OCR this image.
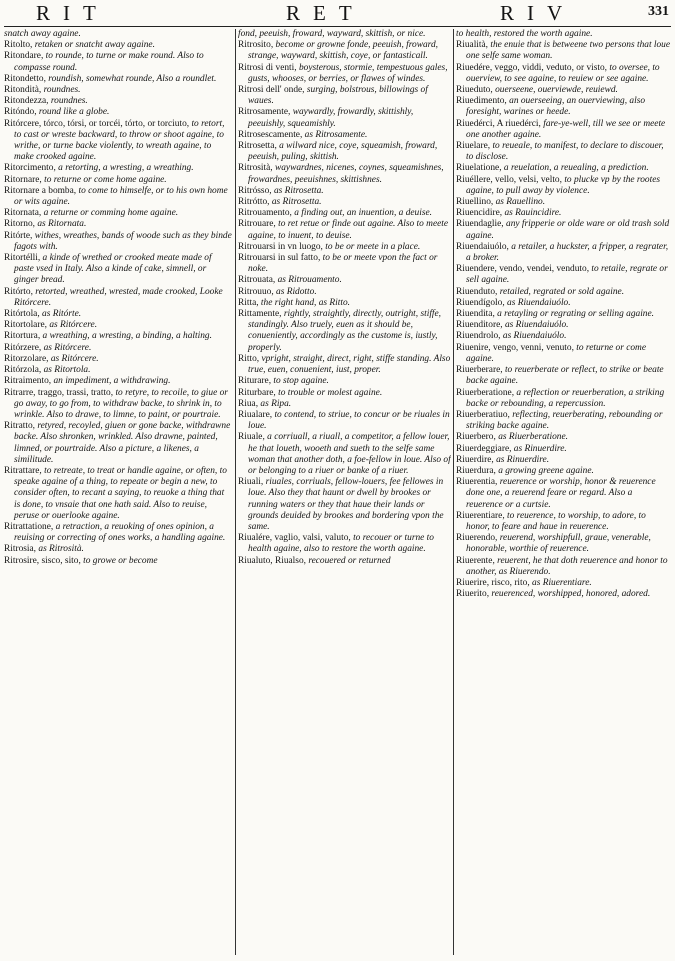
RIT	RET	RIV	331

snatch away againe.

Ritolto, retaken or snatcht away againe.

Ritondare, to rounde, to turne or make round. Also to compasse round.

Ritondetto, roundish, somewhat rounde, Also a roundlet.

Ritondità, roundnes.

Ritondezza, roundnes.

Ritóndo, round like a globe.

Ritórcere, tórco, tórsi, or torcéi, tórto, or torciuto, to retort, to cast or wreste backward, to throw or shoot againe, to writhe, or turne backe violently, to wreath againe, to make crooked againe.

Ritorcimento, a retorting, a wresting, a wreathing.

Ritornare, to returne or come home againe.

Ritornare a bomba, to come to himselfe, or to his own home or wits againe.

Ritornata, a returne or comming home againe.

Ritorno, as Ritornata.

Ritórte, withes, wreathes, bands of woode such as they binde fagots with.

Ritortélli, a kinde of wrethed or crooked meate made of paste vsed in Italy. Also a kinde of cake, simnell, or ginger bread.

Ritórto, retorted, wreathed, wrested, made crooked, Looke Ritórcere.

Ritórtola, as Ritórte.

Ritortolare, as Ritórcere.

Ritortura, a wreathing, a wresting, a binding, a halting.

Ritórzere, as Ritórcere.

Ritorzolare, as Ritórcere.

Ritórzola, as Ritortola.

Ritraimento, an impediment, a withdrawing.

Ritrarre, traggo, trassi, tratto, to retyre, to recoile, to giue or go away, to go from, to withdraw backe, to shrink in, to wrinkle. Also to drawe, to limne, to paint, or pourtraie.

Ritratto, retyred, recoyled, giuen or gone backe, withdrawne backe. Also shronken, wrinkled. Also drawne, painted, limned, or pourtraide. Also a picture, a likenes, a similitude.

Ritrattare, to retreate, to treat or handle againe, or often, to speake againe of a thing, to repeate or begin a new, to consider often, to recant a saying, to reuoke a thing that is done, to vnsaie that one hath said. Also to reuise, peruse or ouerlooke againe.

Ritrattatione, a retraction, a reuoking of ones opinion, a reuising or correcting of ones works, a handling againe.

Ritrosia, as Ritrosità.

Ritrosire, sisco, sito, to growe or become

fond, peeuish, froward, wayward, skittish, or nice.

Ritrosito, become or growne fonde, peeuish, froward, strange, wayward, skittish, coye, or fantasticall.

Ritrosi di venti, boysterous, stormie, tempestuous gales, gusts, whooses, or berries, or flawes of windes.

Ritrosi dell' onde, surging, bolstrous, billowings of waues.

Ritrosamente, waywardly, frowardly, skittishly, peeuishly, squeamishly.

Ritrosescamente, as Ritrosamente.

Ritrosetta, a wilward nice, coye, squeamish, froward, peeuish, puling, skittish.

Ritrosità, waywardnes, nicenes, coynes, squeamishnes, frowardnes, peeuishnes, skittishnes.

Ritrósso, as Ritrosetta.

Ritrótto, as Ritrosetta.

Ritrouamento, a finding out, an inuention, a deuise.

Ritrouare, to ret retue or finde out againe. Also to meete againe, to inuent, to deuise.

Ritrouarsi in vn luogo, to be or meete in a place.

Ritrouarsi in sul fatto, to be or meete vpon the fact or noke.

Ritrouata, as Ritrouamento.

Ritrouuo, as Ridotto.

Ritta, the right hand, as Ritto.

Rittamente, rightly, straightly, directly, outright, stiffe, standingly. Also truely, euen as it should be, conueniently, accordingly as the custome is, iustly, properly.

Ritto, vpright, straight, direct, right, stiffe standing. Also true, euen, conuenient, iust, proper.

Riturare, to stop againe.

Riturbare, to trouble or molest againe.

Riua, as Ripa.

Riualare, to contend, to striue, to concur or be riuales in loue.

Riuale, a corriuall, a riuall, a competitor, a fellow louer, he that loueth, wooeth and sueth to the selfe same woman that another doth, a foe-fellow in loue. Also of or belonging to a riuer or banke of a riuer.

Riuali, riuales, corriuals, fellow-louers, fee fellowes in loue. Also they that haunt or dwell by brookes or running waters or they that haue their lands or grounds deuided by brookes and bordering vpon the same.

Riualére, vaglio, valsi, valuto, to recouer or turne to health againe, also to restore the worth againe.

Riualuto, Riualso, recouered or returned

to health, restored the worth againe.

Riualità, the enuie that is betweene two persons that loue one selfe same woman.

Riuedére, veggo, viddi, veduto, or visto, to oversee, to ouerview, to see againe, to reuiew or see againe.

Riueduto, ouerseene, ouerviewde, reuiewd.

Riuedimento, an ouerseeing, an ouerviewing, also foresight, warines or heede.

Riuedérci, A riuedérci, fare-ye-well, till we see or meete one another againe.

Riuelare, to reueale, to manifest, to declare to discouer, to disclose.

Riuelatione, a reuelation, a reuealing, a prediction.

Riuéllere, vello, velsi, velto, to plucke vp by the rootes againe, to pull away by violence.

Riuellino, as Rauellino.

Riuencidire, as Rauincidire.

Riuendaglie, any fripperie or olde ware or old trash sold againe.

Riuendaiuólo, a retailer, a huckster, a fripper, a regrater, a broker.

Riuendere, vendo, vendei, venduto, to retaile, regrate or sell againe.

Riuenduto, retailed, regrated or sold againe.

Riuendígolo, as Riuendaiuólo.

Riuendita, a retayling or regrating or selling againe.

Riuenditore, as Riuendaiuólo.

Riuendrolo, as Riuendaiuólo.

Riuenire, vengo, venni, venuto, to returne or come againe.

Riuerberare, to reuerberate or reflect, to strike or beate backe againe.

Riuerberatione, a reflection or reuerberation, a striking backe or rebounding, a repercussion.

Riuerberatiuo, reflecting, reuerberating, rebounding or striking backe againe.

Riuerbero, as Riuerberatione.

Riuerdeggiare, as Rinuerdire.

Riuerdire, as Rinuerdire.

Riuerdura, a growing greene againe.

Riuerentia, reuerence or worship, honor & reuerence done one, a reuerend feare or regard. Also a reuerence or a curtsie.

Riuerentiare, to reuerence, to worship, to adore, to honor, to feare and haue in reuerence.

Riuerendo, reuerend, worshipfull, graue, venerable, honorable, worthie of reuerence.

Riuerente, reuerent, he that doth reuerence and honor to another, as Riuerendo.

Riuerire, risco, rito, as Riuerentiare.

Riuerito, reuerenced, worshipped, honored, adored.
